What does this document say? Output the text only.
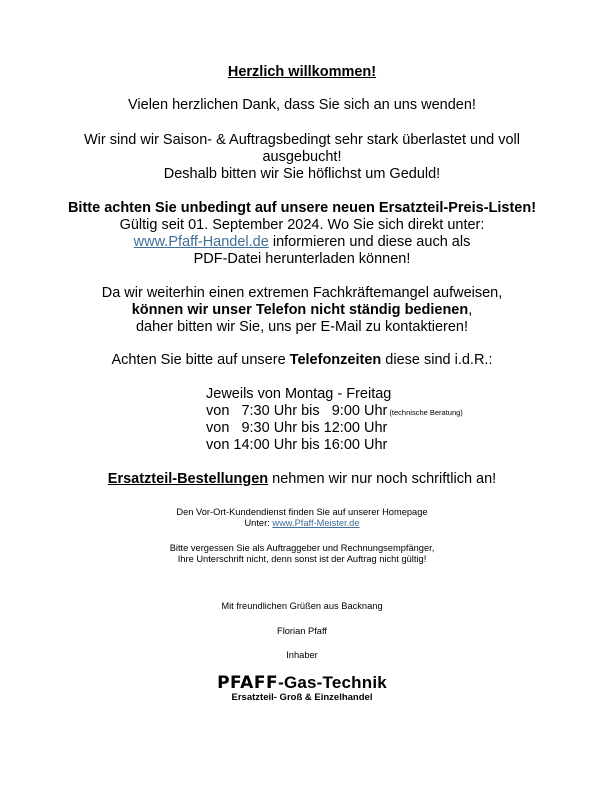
Herzlich willkommen!
Vielen herzlichen Dank, dass Sie sich an uns wenden!
Wir sind wir Saison- & Auftragsbedingt sehr stark überlastet und voll
ausgebucht!
Deshalb bitten wir Sie höflichst um Geduld!
Bitte achten Sie unbedingt auf unsere neuen Ersatzteil-Preis-Listen!
Gültig seit 01. September 2024. Wo Sie sich direkt unter:
www.Pfaff-Handel.de informieren und diese auch als
PDF-Datei herunterladen können!
Da wir weiterhin einen extremen Fachkräftemangel aufweisen,
können wir unser Telefon nicht ständig bedienen,
daher bitten wir Sie, uns per E-Mail zu kontaktieren!
Achten Sie bitte auf unsere Telefonzeiten diese sind i.d.R.:
Jeweils von Montag - Freitag
von   7:30 Uhr bis   9:00 Uhr (technische Beratung)
von   9:30 Uhr bis 12:00 Uhr
von 14:00 Uhr bis 16:00 Uhr
Ersatzteil-Bestellungen nehmen wir nur noch schriftlich an!
Den Vor-Ort-Kundendienst finden Sie auf unserer Homepage
Unter: www.Pfaff-Meister.de
Bitte vergessen Sie als Auftraggeber und Rechnungsempfänger,
Ihre Unterschrift nicht, denn sonst ist der Auftrag nicht gültig!
Mit freundlichen Grüßen aus Backnang
Florian Pfaff
Inhaber
PFAFF-Gas-Technik
Ersatzteil- Groß & Einzelhandel
